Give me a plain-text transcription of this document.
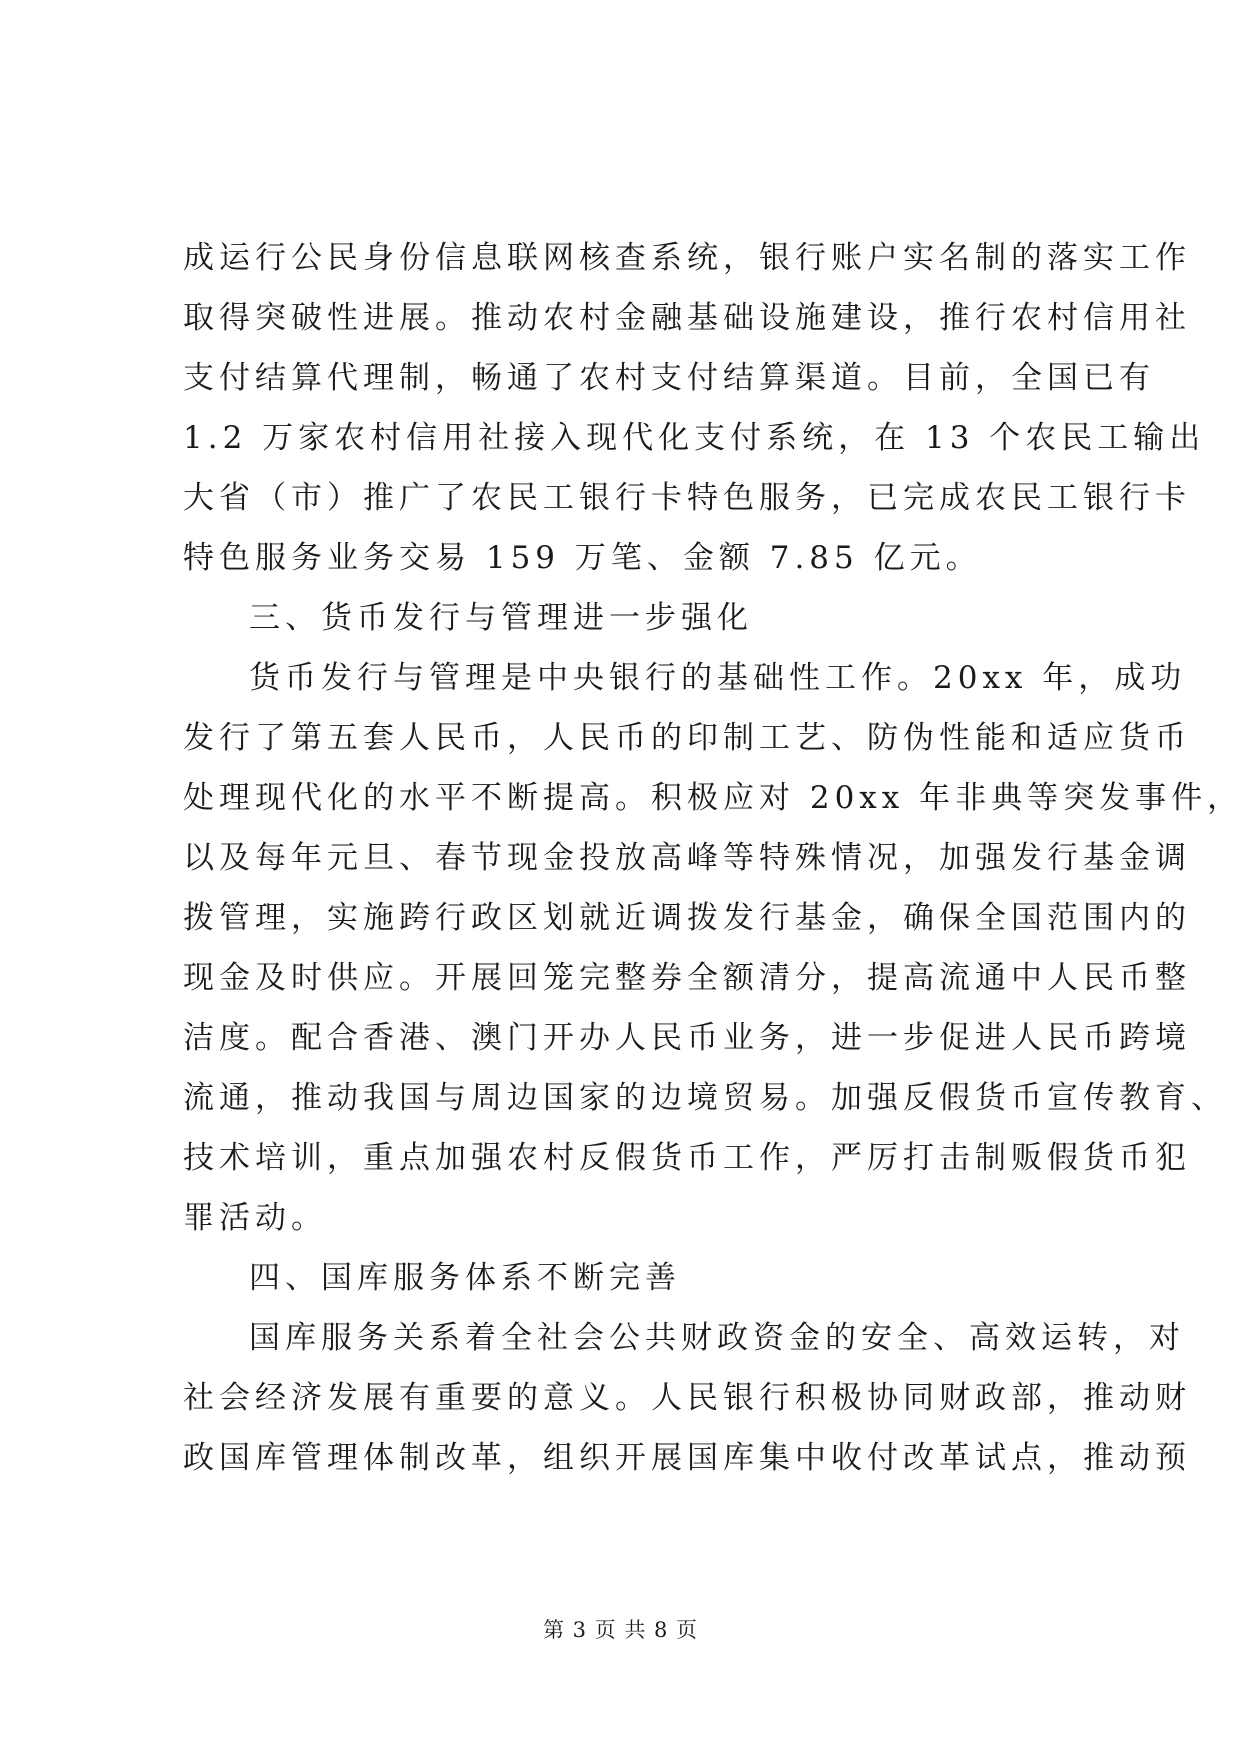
成运行公民身份信息联网核查系统，银行账户实名制的落实工作
取得突破性进展。推动农村金融基础设施建设，推行农村信用社
支付结算代理制，畅通了农村支付结算渠道。目前，全国已有
1.2 万家农村信用社接入现代化支付系统，在 13 个农民工输出
大省（市）推广了农民工银行卡特色服务，已完成农民工银行卡
特色服务业务交易 159 万笔、金额 7.85 亿元。
三、货币发行与管理进一步强化
货币发行与管理是中央银行的基础性工作。20xx 年，成功
发行了第五套人民币，人民币的印制工艺、防伪性能和适应货币
处理现代化的水平不断提高。积极应对 20xx 年非典等突发事件，
以及每年元旦、春节现金投放高峰等特殊情况，加强发行基金调
拨管理，实施跨行政区划就近调拨发行基金，确保全国范围内的
现金及时供应。开展回笼完整券全额清分，提高流通中人民币整
洁度。配合香港、澳门开办人民币业务，进一步促进人民币跨境
流通，推动我国与周边国家的边境贸易。加强反假货币宣传教育、
技术培训，重点加强农村反假货币工作，严厉打击制贩假货币犯
罪活动。
四、国库服务体系不断完善
国库服务关系着全社会公共财政资金的安全、高效运转，对
社会经济发展有重要的意义。人民银行积极协同财政部，推动财
政国库管理体制改革，组织开展国库集中收付改革试点，推动预
第 3 页 共 8 页
